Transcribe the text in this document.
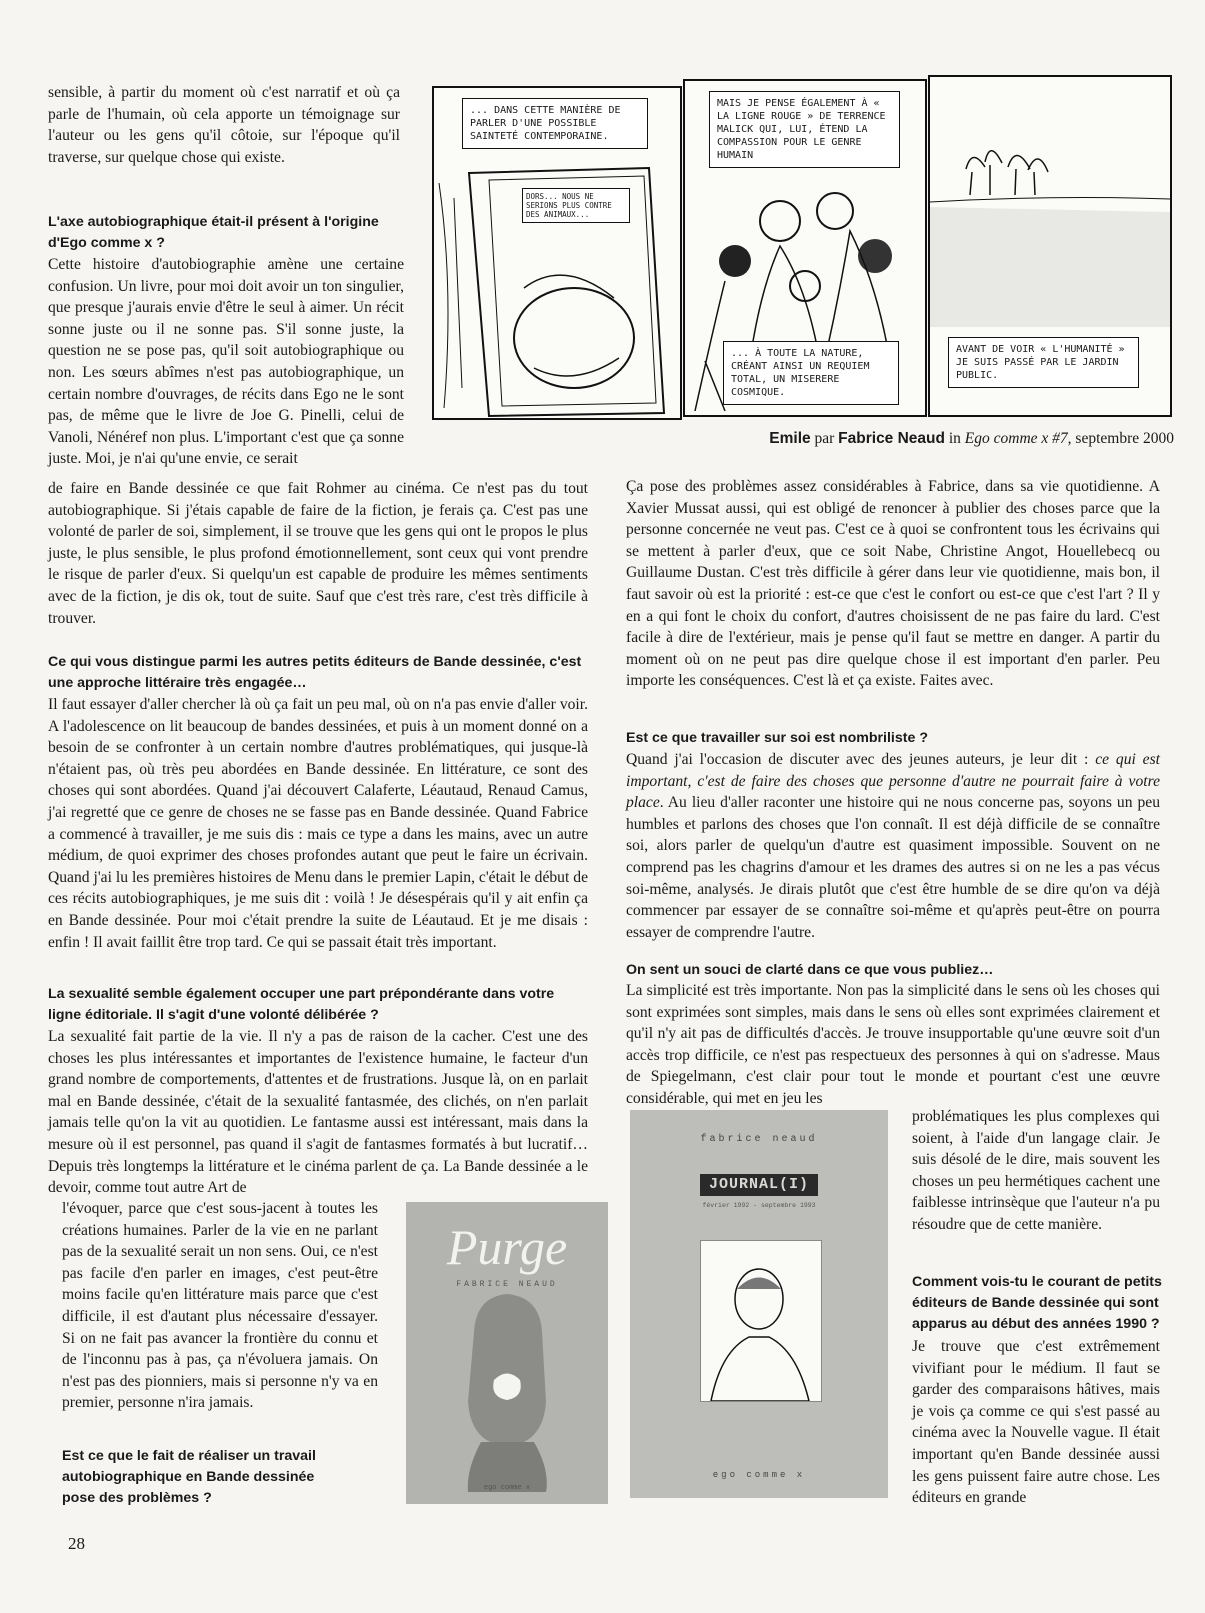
... DANS CETTE MANIÈRE DE PARLER D'UNE POSSIBLE SAINTETÉ CONTEMPORAINE.
DORS... NOUS NE SERIONS PLUS CONTRE DES ANIMAUX...
MAIS JE PENSE ÉGALEMENT À « LA LIGNE ROUGE » DE TERRENCE MALICK QUI, LUI, ÉTEND LA COMPASSION POUR LE GENRE HUMAIN
... À TOUTE LA NATURE, CRÉANT AINSI UN REQUIEM TOTAL, UN MISERERE COSMIQUE.
AVANT DE VOIR « L'HUMANITÉ » JE SUIS PASSÉ PAR LE JARDIN PUBLIC.
Emile par Fabrice Neaud in Ego comme x #7, septembre 2000

sensible, à partir du moment où c'est narratif et où ça parle de l'humain, où cela apporte un témoignage sur l'auteur ou les gens qu'il côtoie, sur l'époque qu'il traverse, sur quelque chose qui existe.

L'axe autobiographique était-il présent à l'origine d'Ego comme x ?

Cette histoire d'autobiographie amène une certaine confusion. Un livre, pour moi doit avoir un ton singulier, que presque j'aurais envie d'être le seul à aimer. Un récit sonne juste ou il ne sonne pas. S'il sonne juste, la question ne se pose pas, qu'il soit autobiographique ou non. Les sœurs abîmes n'est pas autobiographique, un certain nombre d'ouvrages, de récits dans Ego ne le sont pas, de même que le livre de Joe G. Pinelli, celui de Vanoli, Nénéref non plus. L'important c'est que ça sonne juste. Moi, je n'ai qu'une envie, ce serait

de faire en Bande dessinée ce que fait Rohmer au cinéma. Ce n'est pas du tout autobiographique. Si j'étais capable de faire de la fiction, je ferais ça. C'est pas une volonté de parler de soi, simplement, il se trouve que les gens qui ont le propos le plus juste, le plus sensible, le plus profond émotionnellement, sont ceux qui vont prendre le risque de parler d'eux. Si quelqu'un est capable de produire les mêmes sentiments avec de la fiction, je dis ok, tout de suite. Sauf que c'est très rare, c'est très difficile à trouver.

Ce qui vous distingue parmi les autres petits éditeurs de Bande dessinée, c'est une approche littéraire très engagée…

Il faut essayer d'aller chercher là où ça fait un peu mal, où on n'a pas envie d'aller voir. A l'adolescence on lit beaucoup de bandes dessinées, et puis à un moment donné on a besoin de se confronter à un certain nombre d'autres problématiques, qui jusque-là n'étaient pas, où très peu abordées en Bande dessinée. En littérature, ce sont des choses qui sont abordées. Quand j'ai découvert Calaferte, Léautaud, Renaud Camus, j'ai regretté que ce genre de choses ne se fasse pas en Bande dessinée. Quand Fabrice a commencé à travailler, je me suis dis : mais ce type a dans les mains, avec un autre médium, de quoi exprimer des choses profondes autant que peut le faire un écrivain. Quand j'ai lu les premières histoires de Menu dans le premier Lapin, c'était le début de ces récits autobiographiques, je me suis dit : voilà ! Je désespérais qu'il y ait enfin ça en Bande dessinée. Pour moi c'était prendre la suite de Léautaud. Et je me disais : enfin ! Il avait faillit être trop tard. Ce qui se passait était très important.

La sexualité semble également occuper une part prépondérante dans votre ligne éditoriale. Il s'agit d'une volonté délibérée ?

La sexualité fait partie de la vie. Il n'y a pas de raison de la cacher. C'est une des choses les plus intéressantes et importantes de l'existence humaine, le facteur d'un grand nombre de comportements, d'attentes et de frustrations. Jusque là, on en parlait mal en Bande dessinée, c'était de la sexualité fantasmée, des clichés, on n'en parlait jamais telle qu'on la vit au quotidien. Le fantasme aussi est intéressant, mais dans la mesure où il est personnel, pas quand il s'agit de fantasmes formatés à but lucratif… Depuis très longtemps la littérature et le cinéma parlent de ça. La Bande dessinée a le devoir, comme tout autre Art de

l'évoquer, parce que c'est sous-jacent à toutes les créations humaines. Parler de la vie en ne parlant pas de la sexualité serait un non sens. Oui, ce n'est pas facile d'en parler en images, c'est peut-être moins facile qu'en littérature mais parce que c'est difficile, il est d'autant plus nécessaire d'essayer. Si on ne fait pas avancer la frontière du connu et de l'inconnu pas à pas, ça n'évoluera jamais. On n'est pas des pionniers, mais si personne n'y va en premier, personne n'ira jamais.

Est ce que le fait de réaliser un travail autobiographique en Bande dessinée pose des problèmes ?

Purge
FABRICE NEAUD
ego comme x
fabrice neaud
JOURNAL(I)
février 1992 - septembre 1993
ego comme x

Ça pose des problèmes assez considérables à Fabrice, dans sa vie quotidienne. A Xavier Mussat aussi, qui est obligé de renoncer à publier des choses parce que la personne concernée ne veut pas. C'est ce à quoi se confrontent tous les écrivains qui se mettent à parler d'eux, que ce soit Nabe, Christine Angot, Houellebecq ou Guillaume Dustan. C'est très difficile à gérer dans leur vie quotidienne, mais bon, il faut savoir où est la priorité : est-ce que c'est le confort ou est-ce que c'est l'art ? Il y en a qui font le choix du confort, d'autres choisissent de ne pas faire du lard. C'est facile à dire de l'extérieur, mais je pense qu'il faut se mettre en danger. A partir du moment où on ne peut pas dire quelque chose il est important d'en parler. Peu importe les conséquences. C'est là et ça existe. Faites avec.

Est ce que travailler sur soi est nombriliste ?

Quand j'ai l'occasion de discuter avec des jeunes auteurs, je leur dit : ce qui est important, c'est de faire des choses que personne d'autre ne pourrait faire à votre place. Au lieu d'aller raconter une histoire qui ne nous concerne pas, soyons un peu humbles et parlons des choses que l'on connaît. Il est déjà difficile de se connaître soi, alors parler de quelqu'un d'autre est quasiment impossible. Souvent on ne comprend pas les chagrins d'amour et les drames des autres si on ne les a pas vécus soi-même, analysés. Je dirais plutôt que c'est être humble de se dire qu'on va déjà commencer par essayer de se connaître soi-même et qu'après peut-être on pourra essayer de comprendre l'autre.

On sent un souci de clarté dans ce que vous publiez…

La simplicité est très importante. Non pas la simplicité dans le sens où les choses qui sont exprimées sont simples, mais dans le sens où elles sont exprimées clairement et qu'il n'y ait pas de difficultés d'accès. Je trouve insupportable qu'une œuvre soit d'un accès trop difficile, ce n'est pas respectueux des personnes à qui on s'adresse. Maus de Spiegelmann, c'est clair pour tout le monde et pourtant c'est une œuvre considérable, qui met en jeu les

problématiques les plus complexes qui soient, à l'aide d'un langage clair. Je suis désolé de le dire, mais souvent les choses un peu hermétiques cachent une faiblesse intrinsèque que l'auteur n'a pu résoudre que de cette manière.

Comment vois-tu le courant de petits éditeurs de Bande dessinée qui sont apparus au début des années 1990 ?

Je trouve que c'est extrêmement vivifiant pour le médium. Il faut se garder des comparaisons hâtives, mais je vois ça comme ce qui s'est passé au cinéma avec la Nouvelle vague. Il était important qu'en Bande dessinée aussi les gens puissent faire autre chose. Les éditeurs en grande

28
